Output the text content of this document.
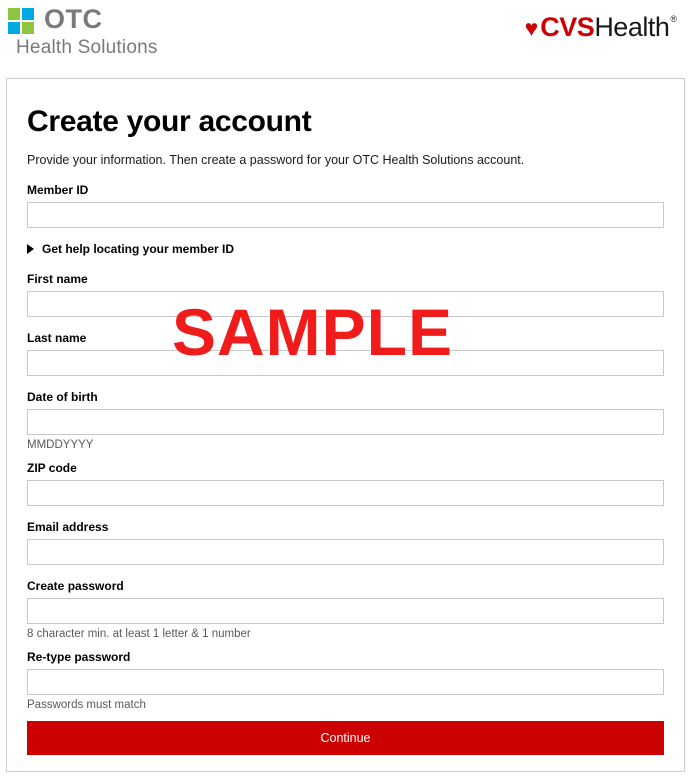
OTC
Health Solutions
♥ CVS Health ®
Create your account

Provide your information. Then create a password for your OTC Health Solutions account.

Member ID
Get help locating your member ID
First name
Last name
Date of birth
MMDDYYYY
ZIP code
Email address
Create password
8 character min. at least 1 letter & 1 number
Re-type password
Passwords must match
Continue
SAMPLE
